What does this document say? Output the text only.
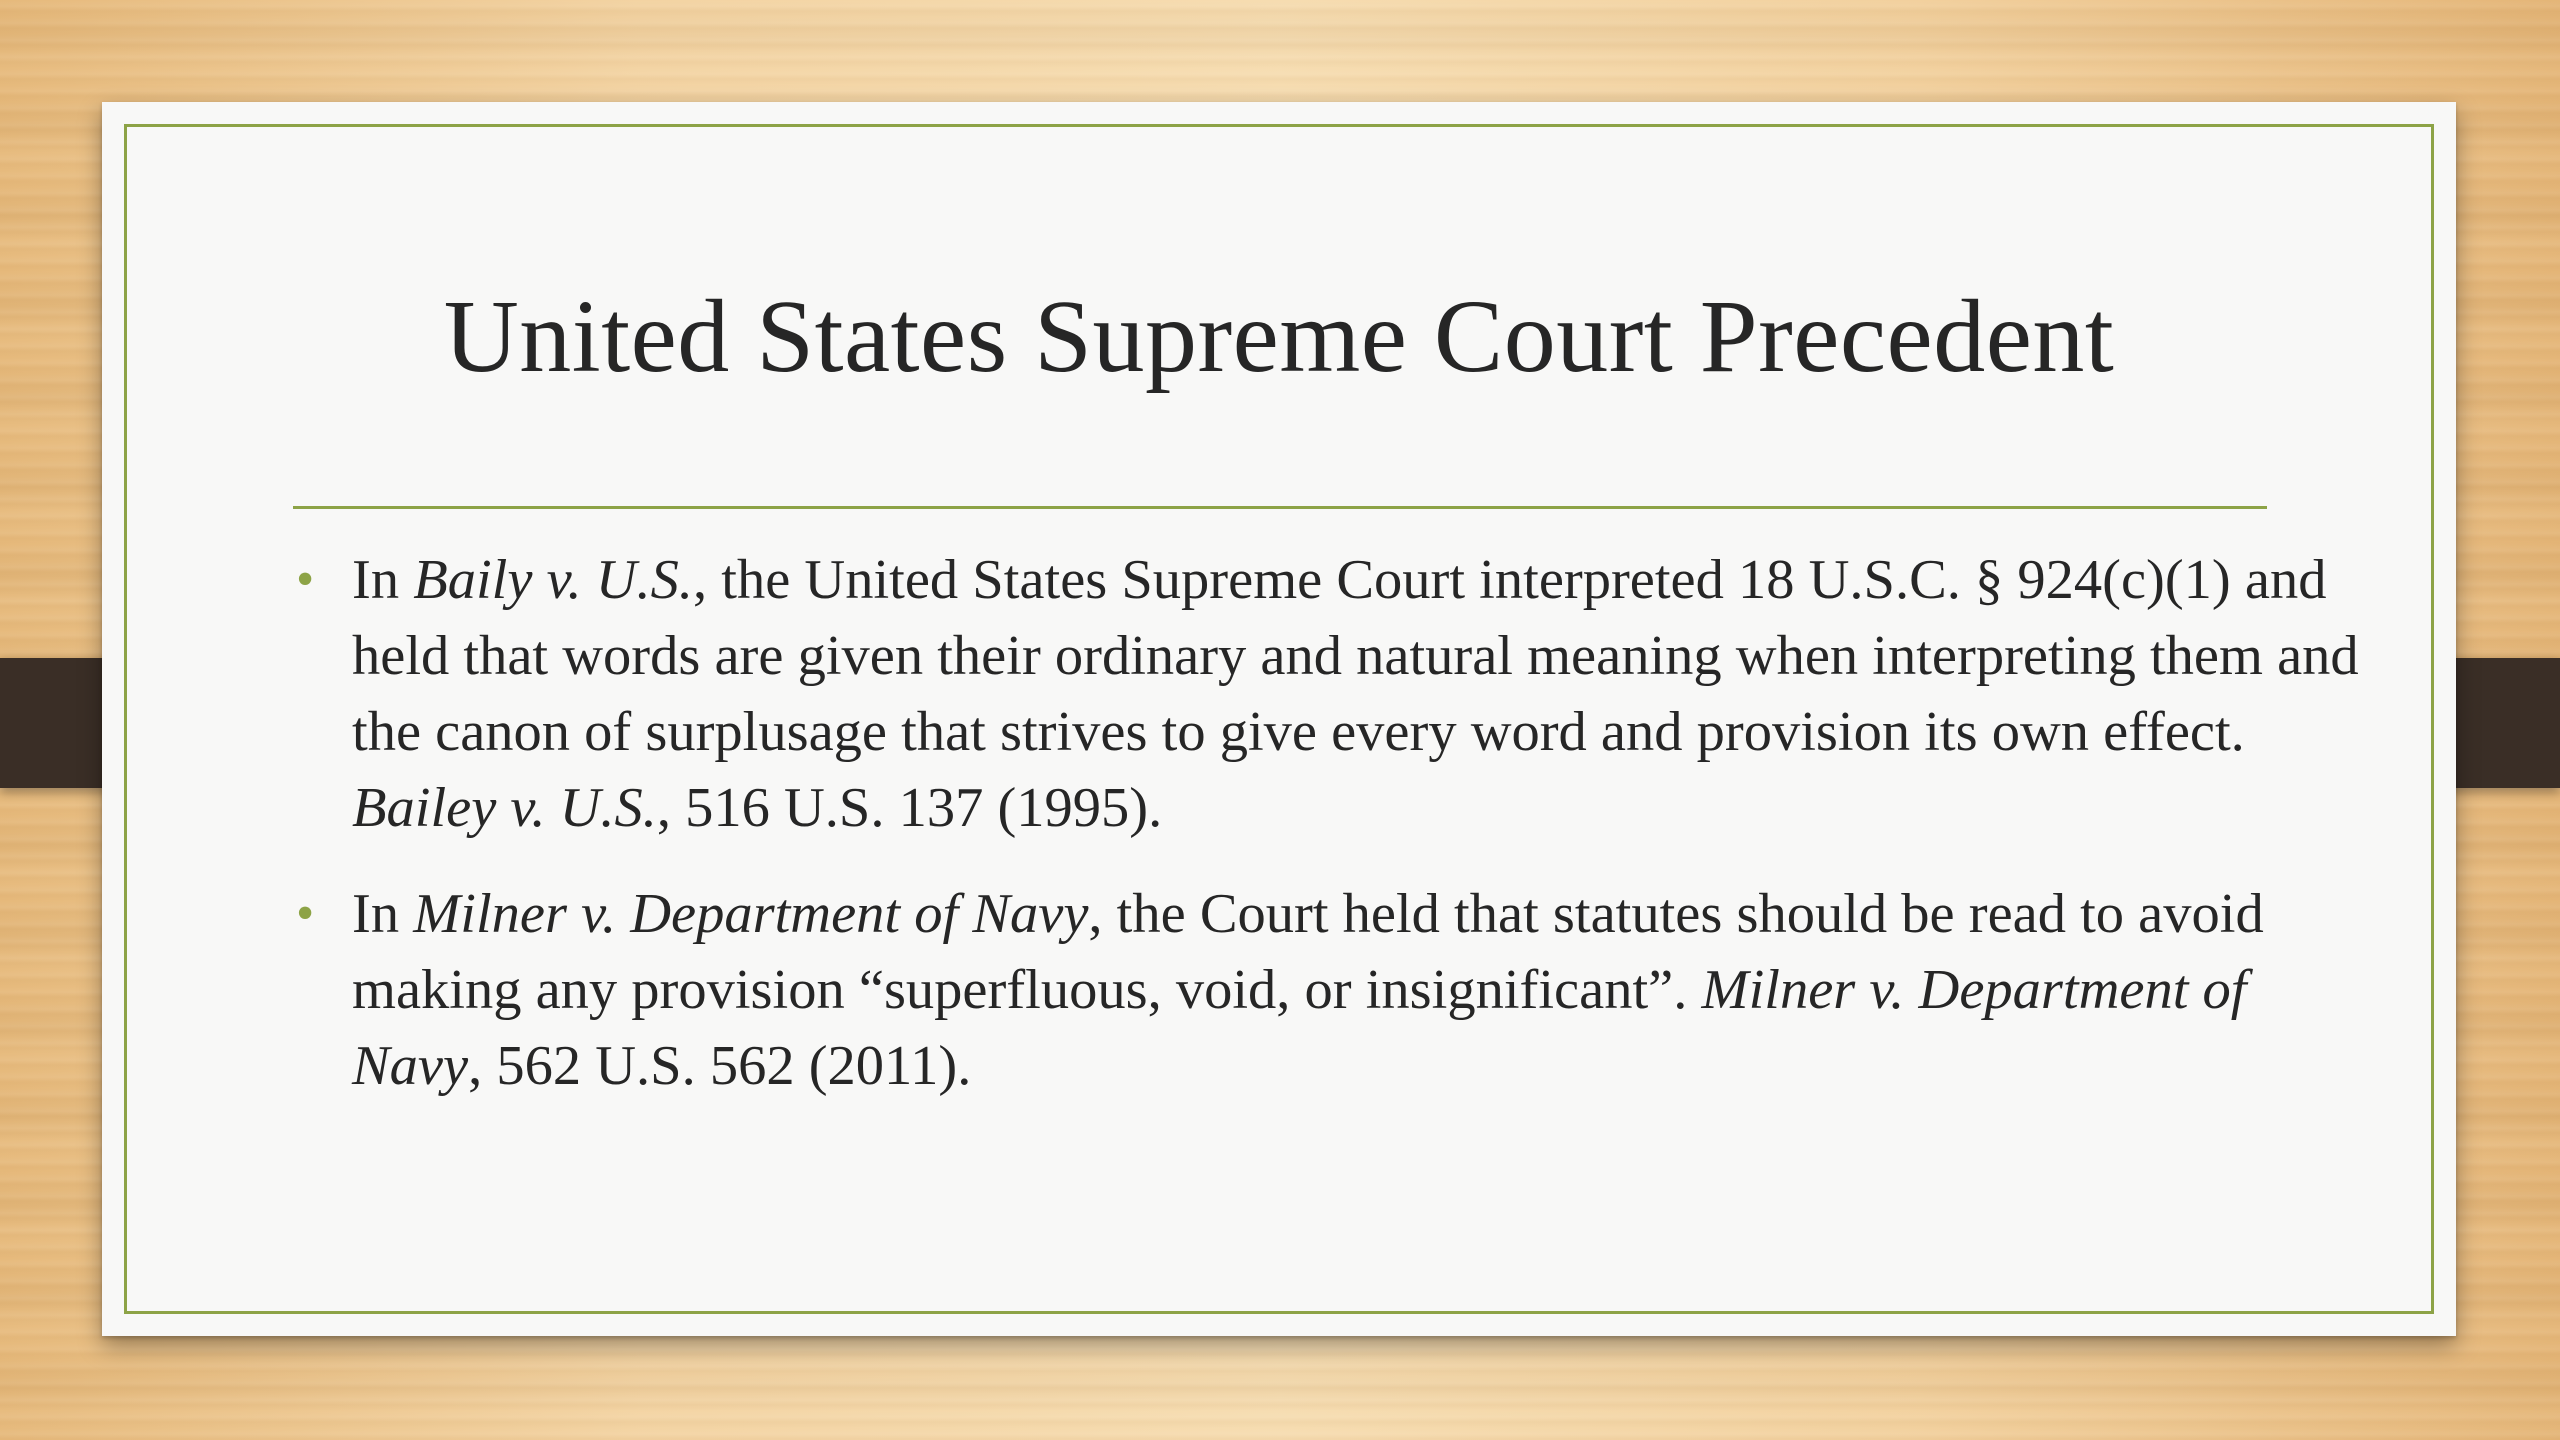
United States Supreme Court Precedent
• In Baily v. U.S., the United States Supreme Court interpreted 18 U.S.C. § 924(c)(1) and held that words are given their ordinary and natural meaning when interpreting them and the canon of surplusage that strives to give every word and provision its own effect. Bailey v. U.S., 516 U.S. 137 (1995).
• In Milner v. Department of Navy, the Court held that statutes should be read to avoid making any provision “superfluous, void, or insignificant”. Milner v. Department of Navy, 562 U.S. 562 (2011).
